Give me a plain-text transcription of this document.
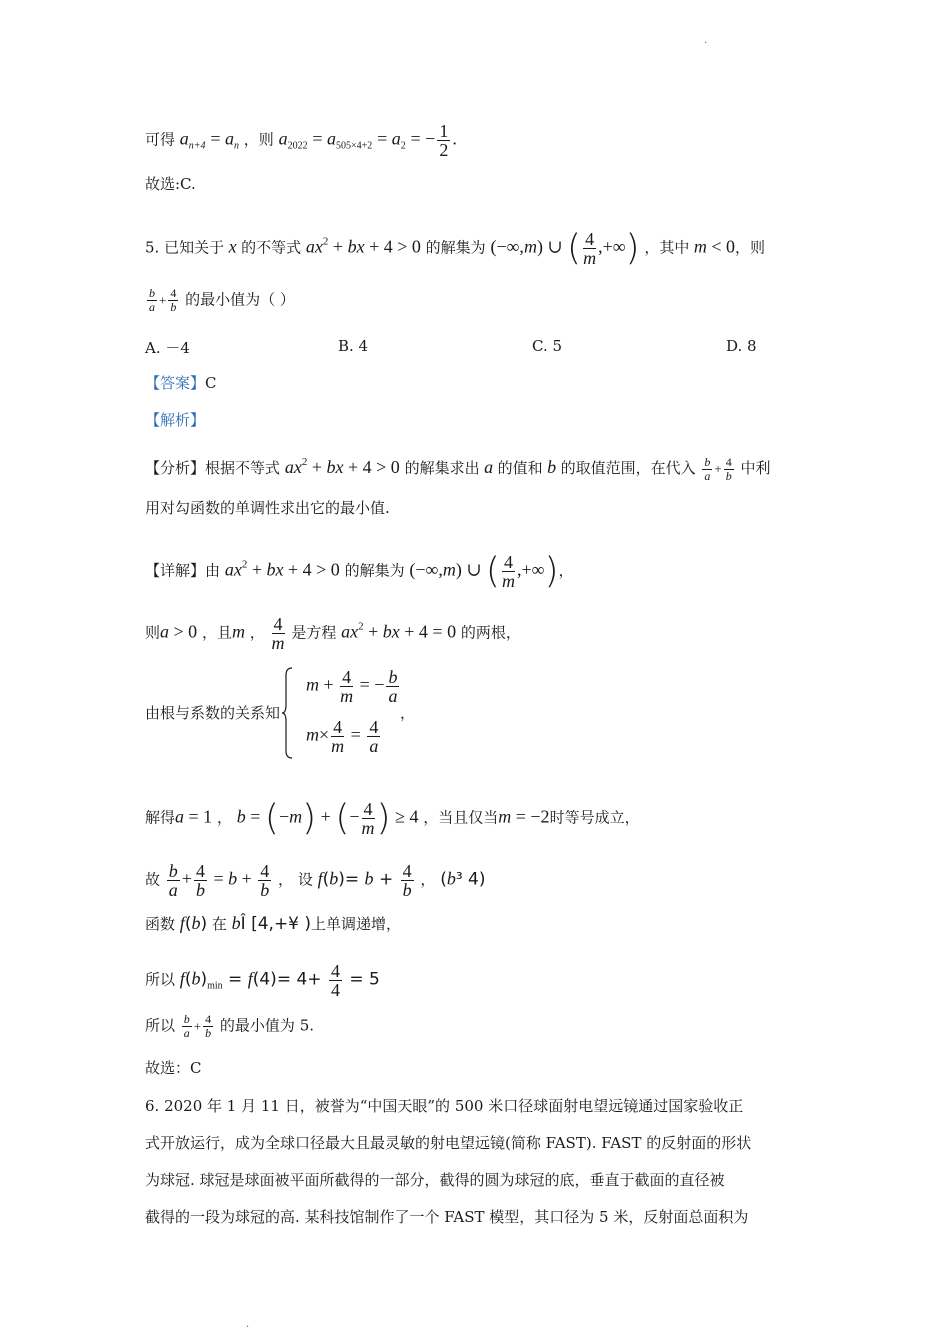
可得 $a_{n+4} = a_n$ ，则 $a_{2022} = a_{505\times 4+2} = a_2$ = − $\frac{1}{2}$ .
故选:C.
5. 已知关于 x 的不等式 $ax^2$ + bx + 4 > 0 的解集为 (−∞,m) ∪ ( $\frac{4}{m}$ ,+∞) ，其中 m < 0，则
$\frac{b}{a} + \frac{4}{b}$ 的最小值为（ ）
A. －4	B. 4	C. 5	D. 8
【答案】C
【解析】
【分析】根据不等式 $ax^2$ + bx + 4 > 0 的解集求出 a 的值和 b 的取值范围，在代入 $\frac{b}{a} + \frac{4}{b}$ 中利
用对勾函数的单调性求出它的最小值.
【详解】由 $ax^2$ + bx + 4 > 0 的解集为 (−∞,m) ∪ ( $\frac{4}{m}$ ,+∞)，
则a > 0 ，且m ， $\frac{4}{m}$ 是方程 $ax^2$ + bx + 4 = 0 的两根，
由根与系数的关系知
$m + \frac{4}{m}$ = − $\frac{b}{a}$
$m\times \frac{4}{m} = \frac{4}{a}$
，
解得a = 1 ， b = (−m) + (− $\frac{4}{m}$ ) ≥ 4 ，当且仅当m = −2时等号成立，
故 $\frac{b}{a} + \frac{4}{b} = b + \frac{4}{b}$ ， 设 $f(b)= b + \frac{4}{b}$ ， (b³ 4)
函数 f(b) 在 bÎ [4,+¥ )上单调递增，
所以 $f(b)_{min} = f(4)= 4+ \frac{4}{4} = 5$
所以 $\frac{b}{a} + \frac{4}{b}$ 的最小值为 5.
故选：C
6. 2020 年 1 月 11 日，被誉为“中国天眼”的 500 米口径球面射电望远镜通过国家验收正
式开放运行，成为全球口径最大且最灵敏的射电望远镜(简称 FAST). FAST 的反射面的形状
为球冠. 球冠是球面被平面所截得的一部分，截得的圆为球冠的底，垂直于截面的直径被
截得的一段为球冠的高. 某科技馆制作了一个 FAST 模型，其口径为 5 米，反射面总面积为
·
·
